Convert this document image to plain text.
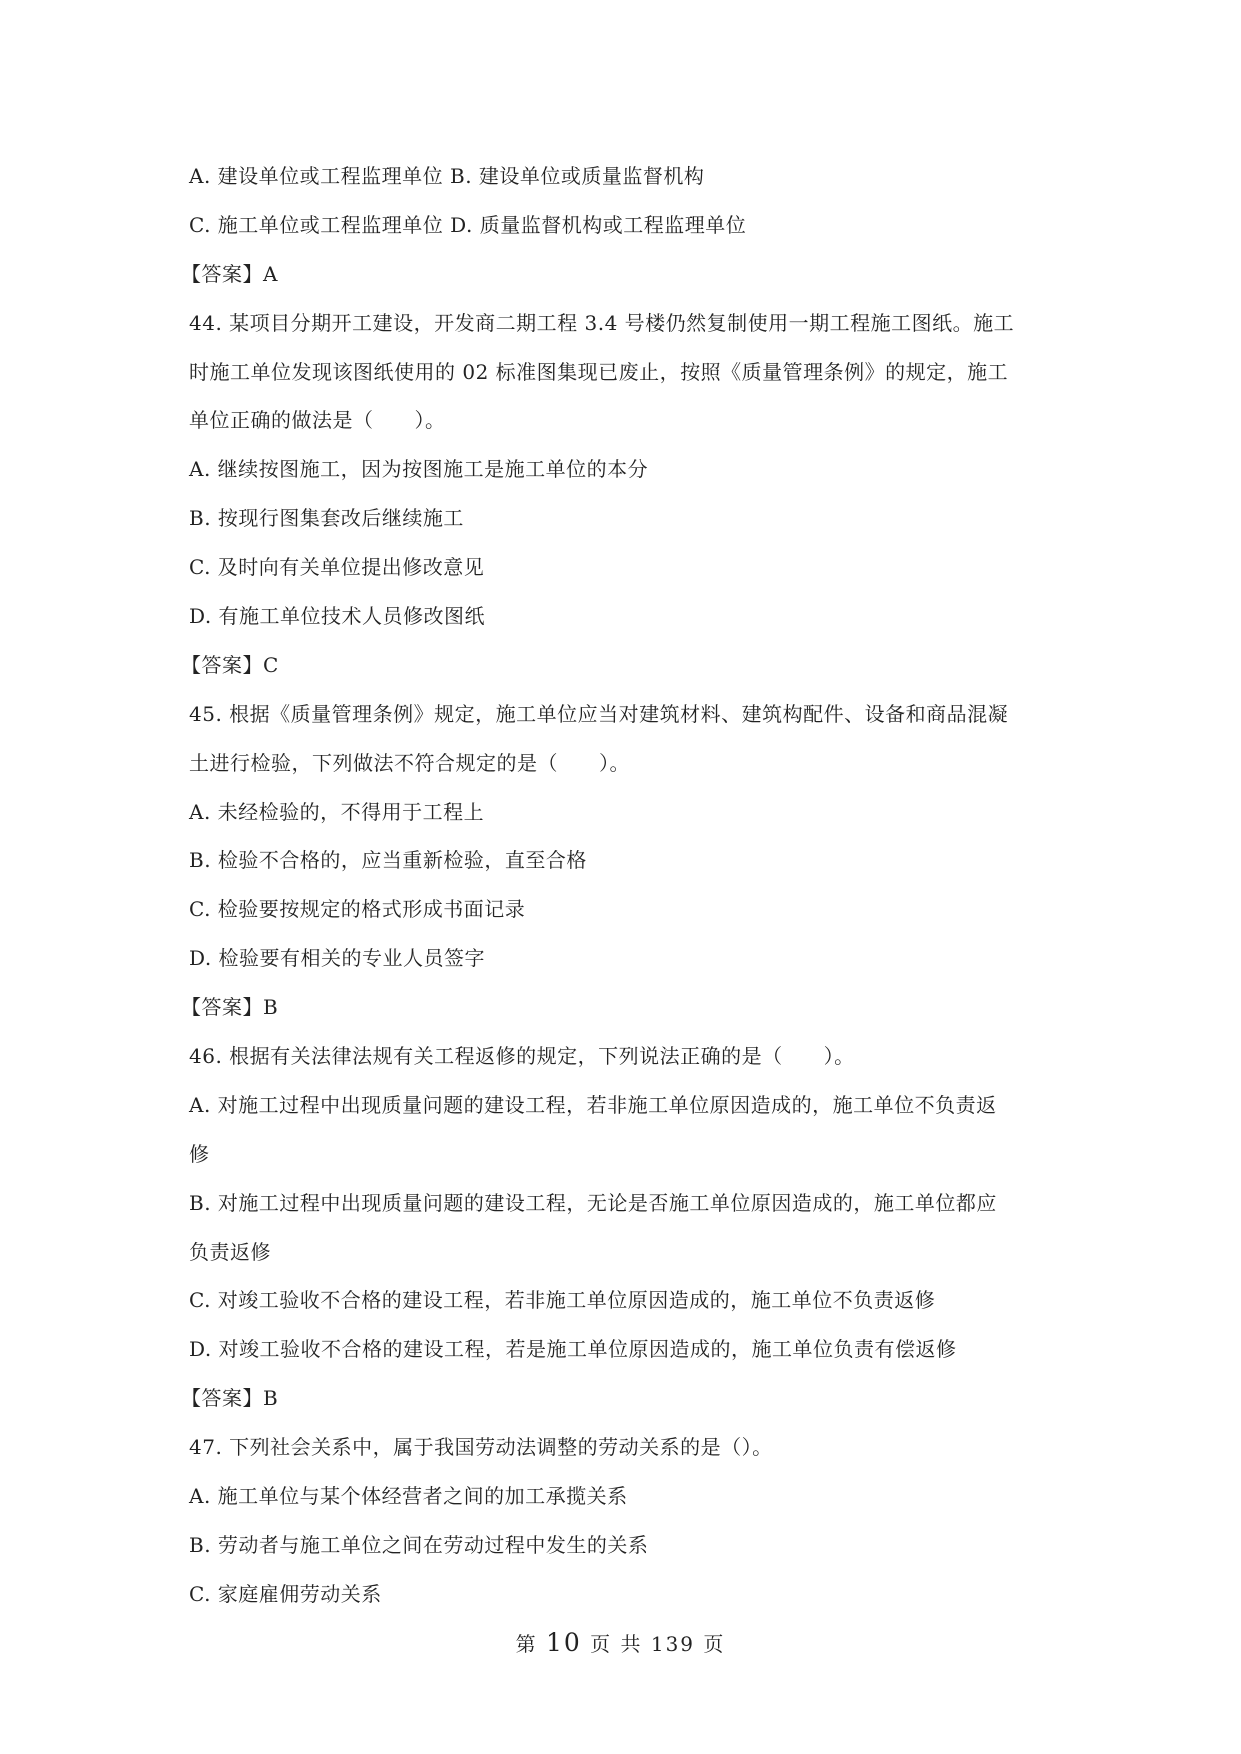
A. 建设单位或工程监理单位 B. 建设单位或质量监督机构
C. 施工单位或工程监理单位 D. 质量监督机构或工程监理单位
【答案】A
44. 某项目分期开工建设，开发商二期工程 3.4 号楼仍然复制使用一期工程施工图纸。施工
时施工单位发现该图纸使用的 02 标准图集现已废止，按照《质量管理条例》的规定，施工
单位正确的做法是（　　）。
A. 继续按图施工，因为按图施工是施工单位的本分
B. 按现行图集套改后继续施工
C. 及时向有关单位提出修改意见
D. 有施工单位技术人员修改图纸
【答案】C
45. 根据《质量管理条例》规定，施工单位应当对建筑材料、建筑构配件、设备和商品混凝
土进行检验，下列做法不符合规定的是（　　）。
A. 未经检验的，不得用于工程上
B. 检验不合格的，应当重新检验，直至合格
C. 检验要按规定的格式形成书面记录
D. 检验要有相关的专业人员签字
【答案】B
46. 根据有关法律法规有关工程返修的规定，下列说法正确的是（　　）。
A. 对施工过程中出现质量问题的建设工程，若非施工单位原因造成的，施工单位不负责返
修
B. 对施工过程中出现质量问题的建设工程，无论是否施工单位原因造成的，施工单位都应
负责返修
C. 对竣工验收不合格的建设工程，若非施工单位原因造成的，施工单位不负责返修
D. 对竣工验收不合格的建设工程，若是施工单位原因造成的，施工单位负责有偿返修
【答案】B
47. 下列社会关系中，属于我国劳动法调整的劳动关系的是（）。
A. 施工单位与某个体经营者之间的加工承揽关系
B. 劳动者与施工单位之间在劳动过程中发生的关系
C. 家庭雇佣劳动关系
第 10 页 共 139 页
